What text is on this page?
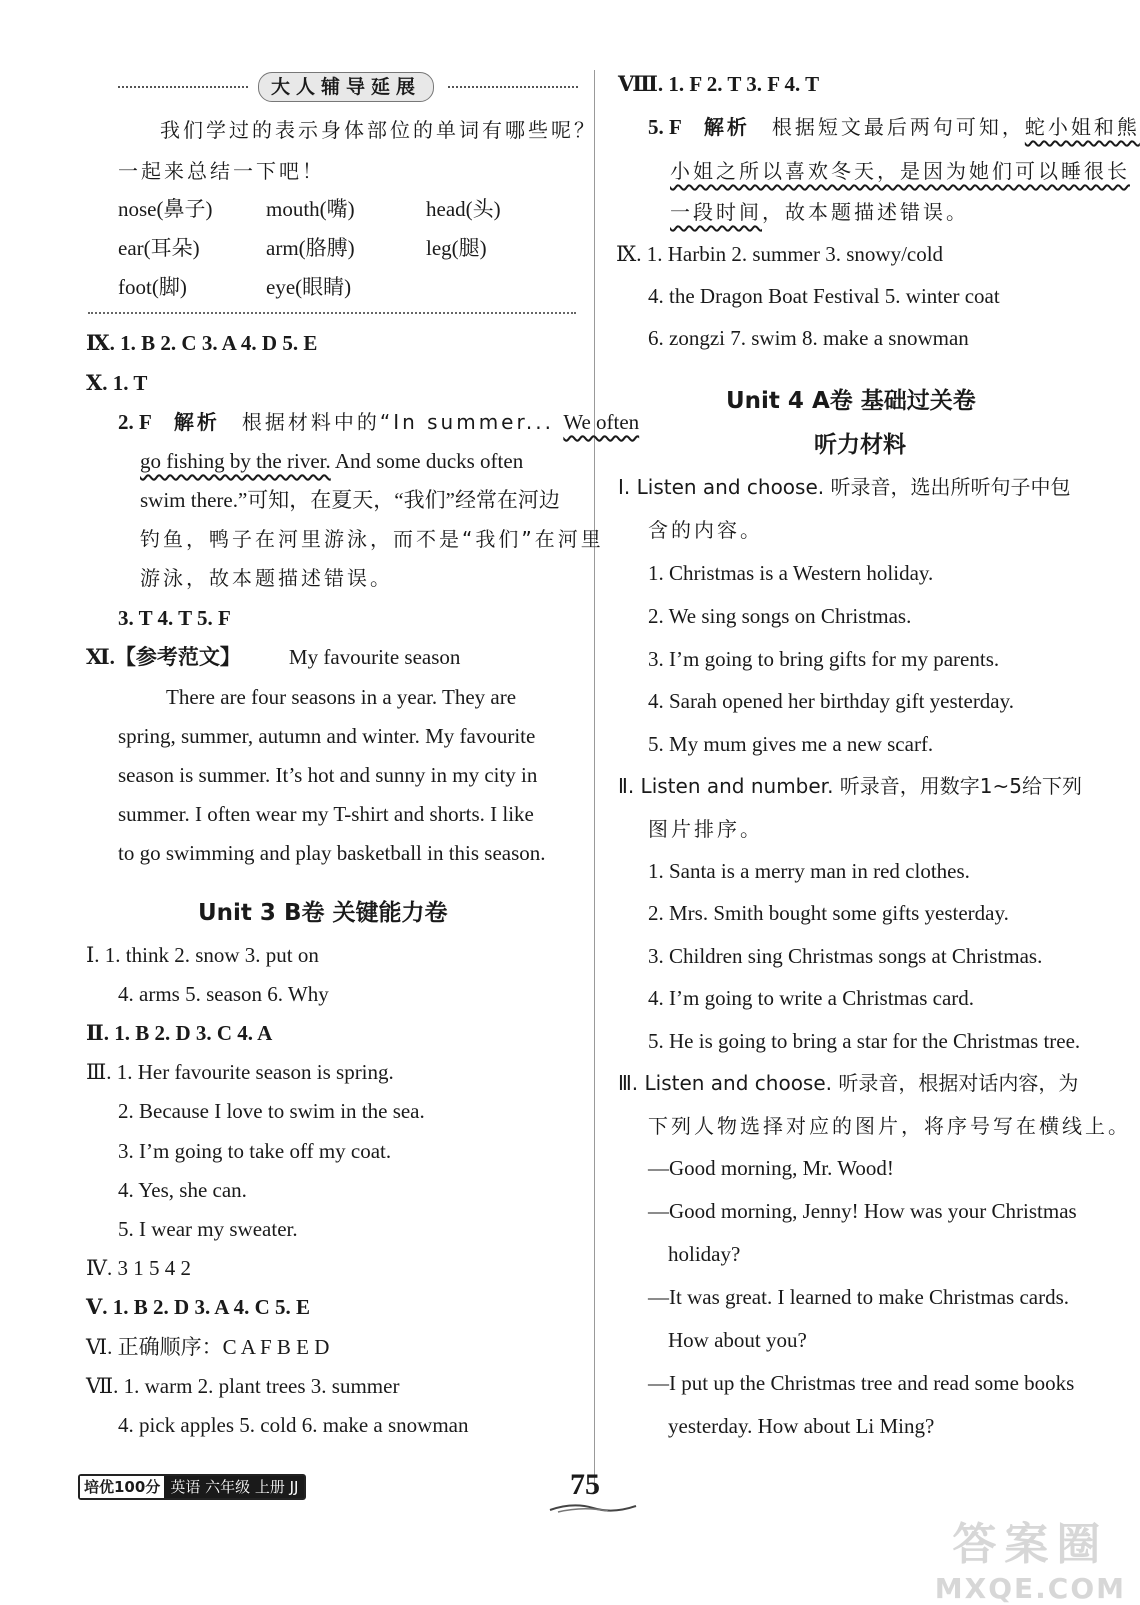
大人辅导延展
我们学过的表示身体部位的单词有哪些呢？
一起来总结一下吧！
nose(鼻子)	mouth(嘴)	head(头)
ear(耳朵)	arm(胳膊)	leg(腿)
foot(脚)	eye(眼睛)
Ⅸ. 1. B 2. C 3. A 4. D 5. E
Ⅹ. 1. T
2. F 解析 根据材料中的“In summer... We often
go fishing by the river. And some ducks often
swim there.”可知，在夏天，“我们”经常在河边
钓鱼，鸭子在河里游泳，而不是“我们”在河里
游泳，故本题描述错误。
3. T 4. T 5. F
Ⅺ.【参考范文】 My favourite season
There are four seasons in a year. They are
spring, summer, autumn and winter. My favourite
season is summer. It’s hot and sunny in my city in
summer. I often wear my T-shirt and shorts. I like
to go swimming and play basketball in this season.
Unit 3 B卷 关键能力卷
Ⅰ. 1. think 2. snow 3. put on
4. arms 5. season 6. Why
Ⅱ. 1. B 2. D 3. C 4. A
Ⅲ. 1. Her favourite season is spring.
2. Because I love to swim in the sea.
3. I’m going to take off my coat.
4. Yes, she can.
5. I wear my sweater.
Ⅳ. 3 1 5 4 2
Ⅴ. 1. B 2. D 3. A 4. C 5. E
Ⅵ. 正确顺序：C A F B E D
Ⅶ. 1. warm 2. plant trees 3. summer
4. pick apples 5. cold 6. make a snowman
Ⅷ. 1. F 2. T 3. F 4. T
5. F 解析 根据短文最后两句可知，蛇小姐和熊
小姐之所以喜欢冬天，是因为她们可以睡很长
一段时间，故本题描述错误。
Ⅸ. 1. Harbin 2. summer 3. snowy/cold
4. the Dragon Boat Festival 5. winter coat
6. zongzi 7. swim 8. make a snowman
Unit 4 A卷 基础过关卷
听力材料
Ⅰ. Listen and choose. 听录音，选出所听句子中包
含的内容。
1. Christmas is a Western holiday.
2. We sing songs on Christmas.
3. I’m going to bring gifts for my parents.
4. Sarah opened her birthday gift yesterday.
5. My mum gives me a new scarf.
Ⅱ. Listen and number. 听录音，用数字1~5给下列
图片排序。
1. Santa is a merry man in red clothes.
2. Mrs. Smith bought some gifts yesterday.
3. Children sing Christmas songs at Christmas.
4. I’m going to write a Christmas card.
5. He is going to bring a star for the Christmas tree.
Ⅲ. Listen and choose. 听录音，根据对话内容，为
下列人物选择对应的图片，将序号写在横线上。
—Good morning, Mr. Wood!
—Good morning, Jenny! How was your Christmas
holiday?
—It was great. I learned to make Christmas cards.
How about you?
—I put up the Christmas tree and read some books
yesterday. How about Li Ming?
培优100分 英语 六年级 上册 JJ	75
答案圈
MXQE.COM
